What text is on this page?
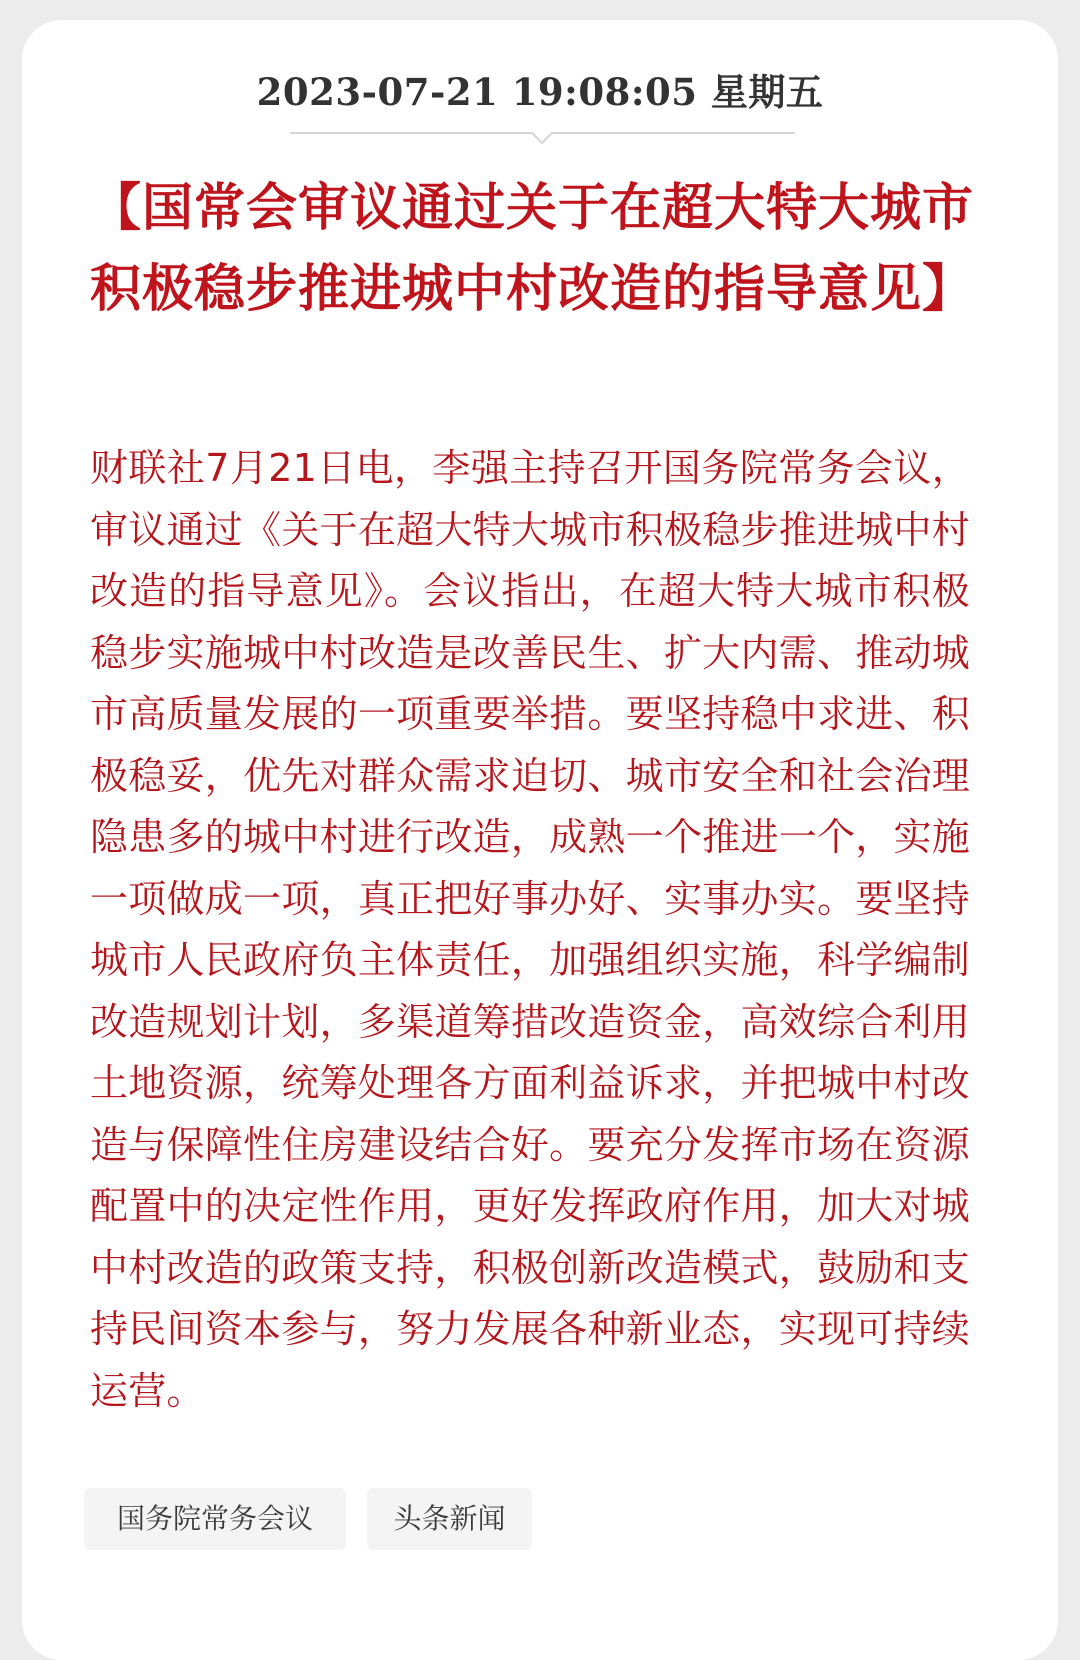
2023-07-21 19:08:05 星期五
【国常会审议通过关于在超大特大城市积极稳步推进城中村改造的指导意见】

财联社7月21日电，李强主持召开国务院常务会议，审议通过《关于在超大特大城市积极稳步推进城中村改造的指导意见》。会议指出，在超大特大城市积极稳步实施城中村改造是改善民生、扩大内需、推动城市高质量发展的一项重要举措。要坚持稳中求进、积极稳妥，优先对群众需求迫切、城市安全和社会治理隐患多的城中村进行改造，成熟一个推进一个，实施一项做成一项，真正把好事办好、实事办实。要坚持城市人民政府负主体责任，加强组织实施，科学编制改造规划计划，多渠道筹措改造资金，高效综合利用土地资源，统筹处理各方面利益诉求，并把城中村改造与保障性住房建设结合好。要充分发挥市场在资源配置中的决定性作用，更好发挥政府作用，加大对城中村改造的政策支持，积极创新改造模式，鼓励和支持民间资本参与，努力发展各种新业态，实现可持续运营。

国务院常务会议	头条新闻
